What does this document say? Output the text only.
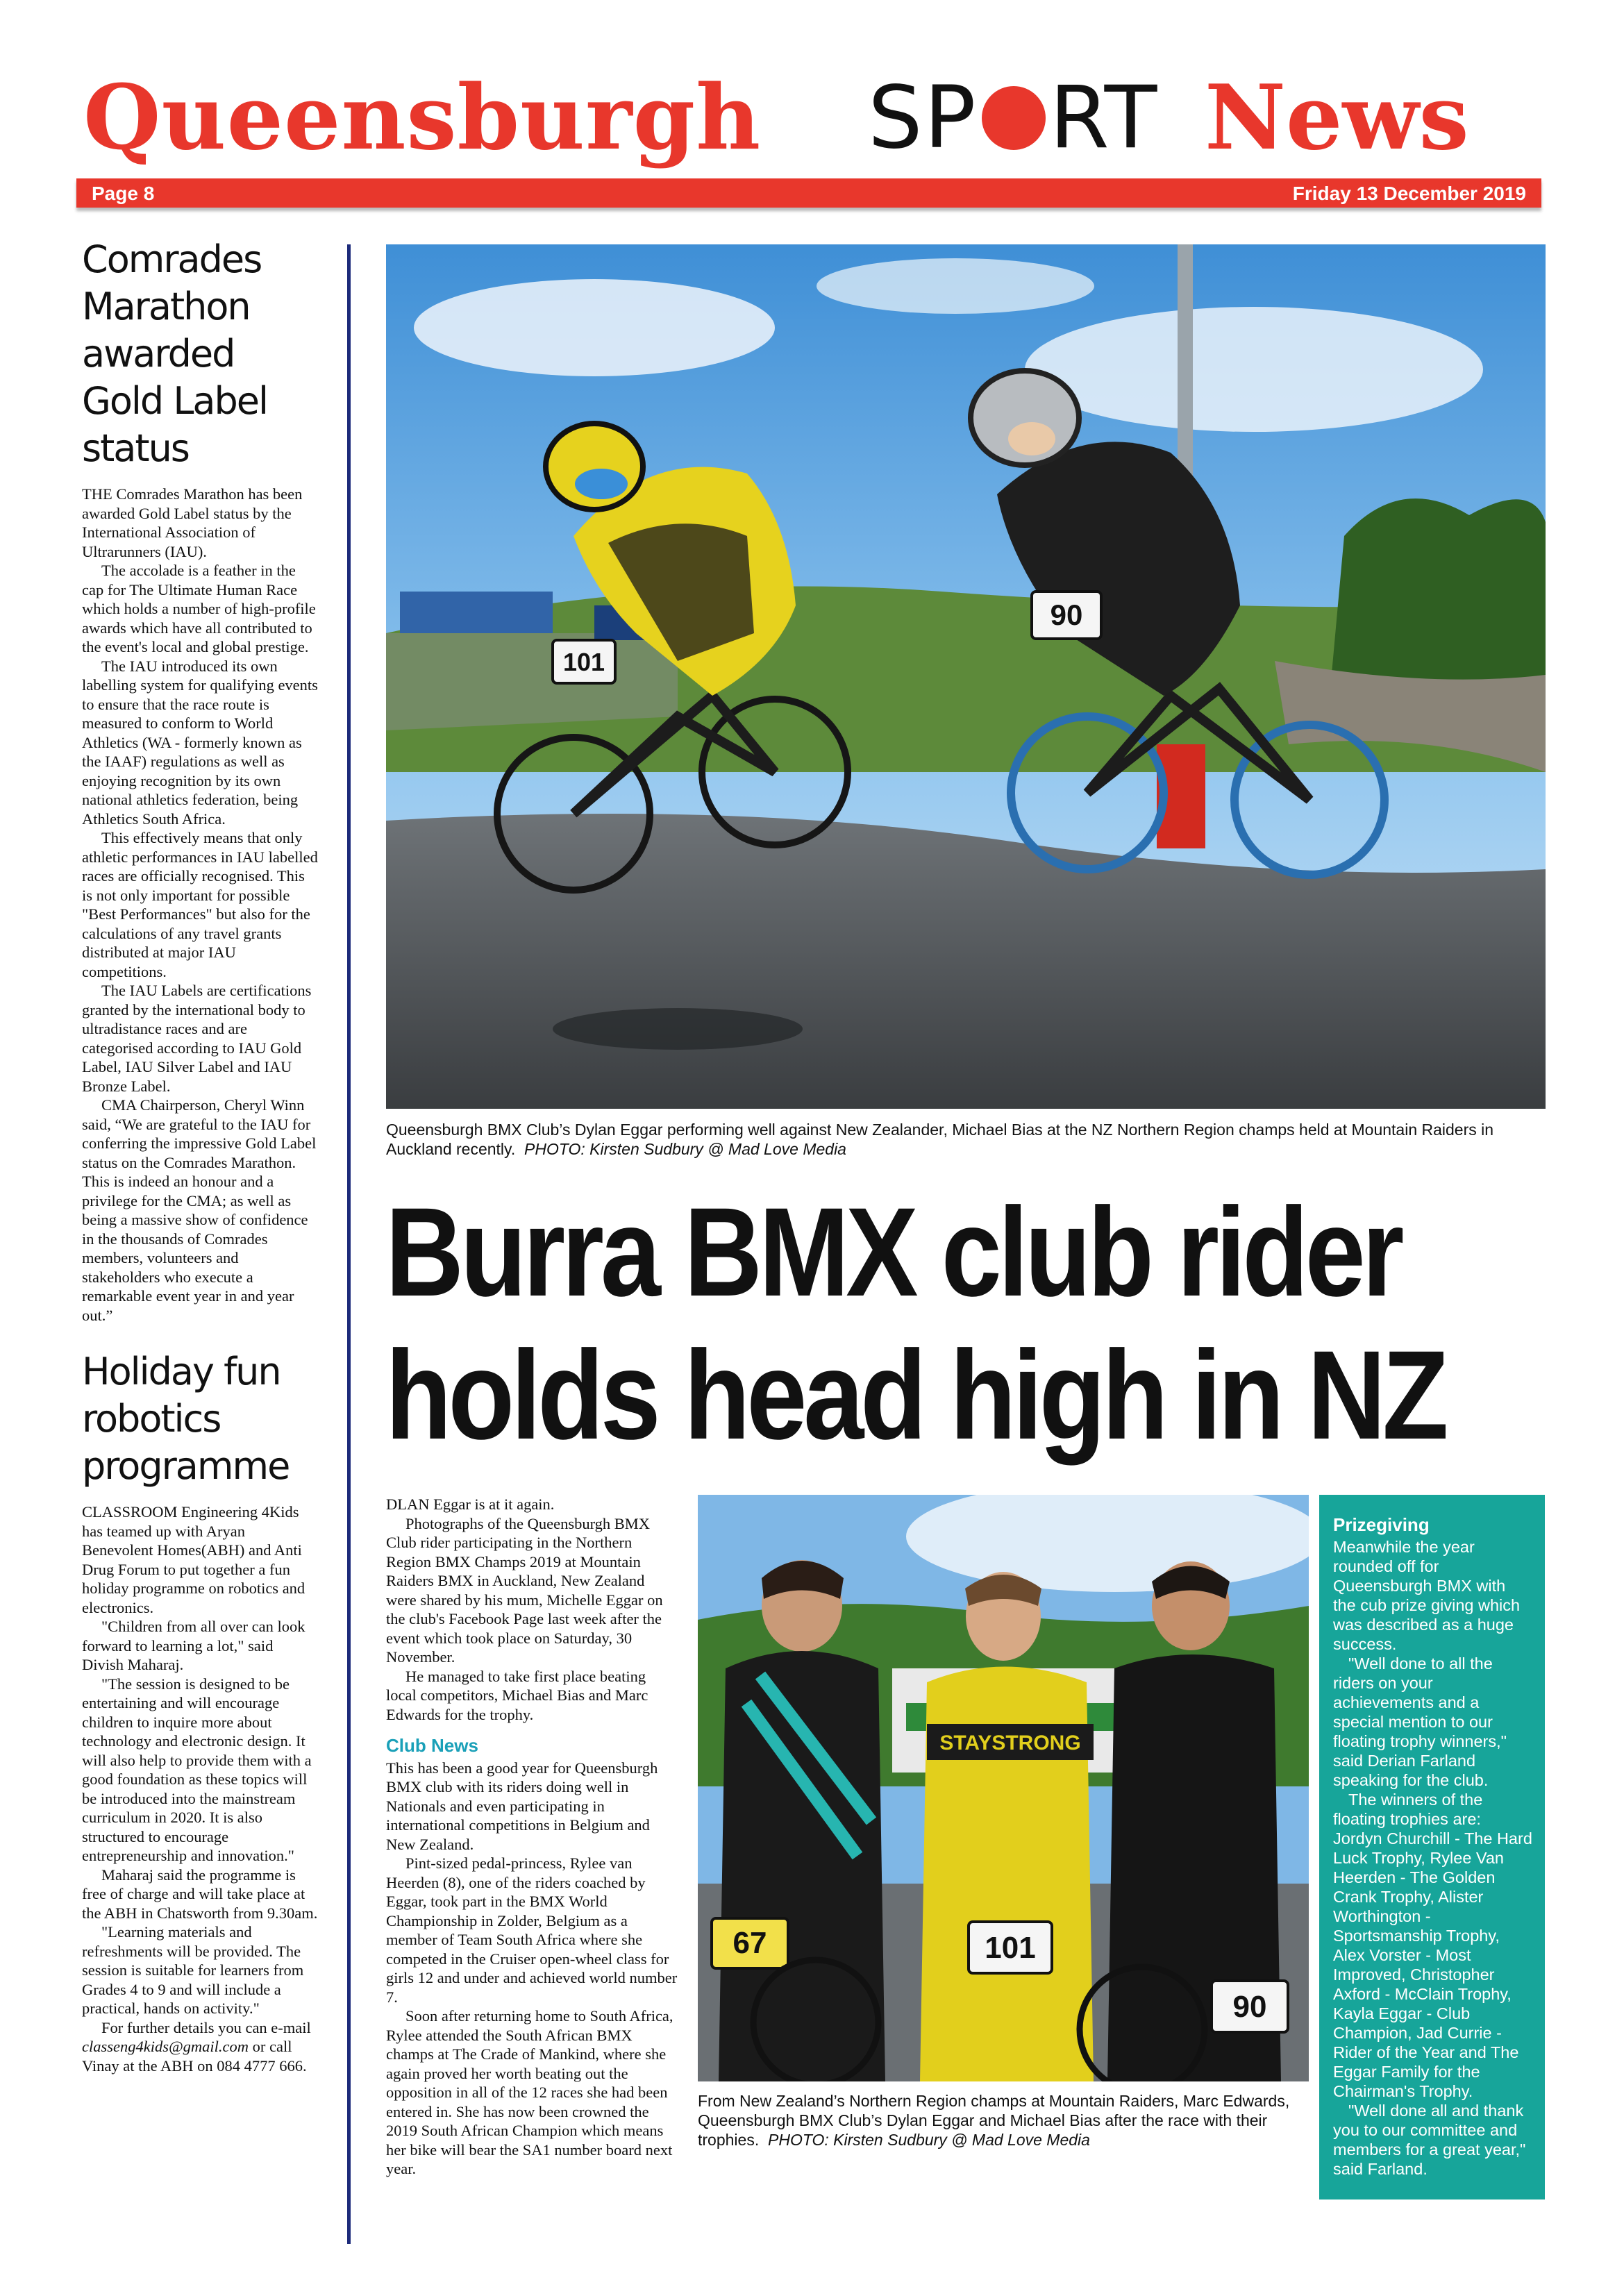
Queensburgh SP RT News
Page 8	Friday 13 December 2019
Comrades Marathon awarded Gold Label status

THE Comrades Marathon has been awarded Gold Label status by the International Association of Ultrarunners (IAU).

The accolade is a feather in the cap for The Ultimate Human Race which holds a number of high-profile awards which have all contributed to the event's local and global prestige.

The IAU introduced its own labelling system for qualifying events to ensure that the race route is measured to conform to World Athletics (WA - formerly known as the IAAF) regulations as well as enjoying recognition by its own national athletics federation, being Athletics South Africa.

This effectively means that only athletic performances in IAU labelled races are officially recognised. This is not only important for possible "Best Performances" but also for the calculations of any travel grants distributed at major IAU competitions.

The IAU Labels are certifications granted by the international body to ultradistance races and are categorised according to IAU Gold Label, IAU Silver Label and IAU Bronze Label.

CMA Chairperson, Cheryl Winn said, “We are grateful to the IAU for conferring the impressive Gold Label status on the Comrades Marathon. This is indeed an honour and a privilege for the CMA; as well as being a massive show of confidence in the thousands of Comrades members, volunteers and stakeholders who execute a remarkable event year in and year out.”

Holiday fun robotics programme

CLASSROOM Engineering 4Kids has teamed up with Aryan Benevolent Homes(ABH) and Anti Drug Forum to put together a fun holiday programme on robotics and electronics.

"Children from all over can look forward to learning a lot," said Divish Maharaj.

"The session is designed to be entertaining and will encourage children to inquire more about technology and electronic design. It will also help to provide them with a good foundation as these topics will be introduced into the mainstream curriculum in 2020. It is also structured to encourage entrepreneurship and innovation."

Maharaj said the programme is free of charge and will take place at the ABH in Chatsworth from 9.30am.

"Learning materials and refreshments will be provided. The session is suitable for learners from Grades 4 to 9 and will include a practical, hands on activity."

For further details you can e-mail classeng4kids@gmail.com or call Vinay at the ABH on 084 4777 666.

101
90
Queensburgh BMX Club’s Dylan Eggar performing well against New Zealander, Michael Bias at the NZ Northern Region champs held at Mountain Raiders in Auckland recently. PHOTO: Kirsten Sudbury @ Mad Love Media
Burra BMX club rider
holds head high in NZ

DLAN Eggar is at it again.

Photographs of the Queensburgh BMX Club rider participating in the Northern Region BMX Champs 2019 at Mountain Raiders BMX in Auckland, New Zealand were shared by his mum, Michelle Eggar on the club's Facebook Page last week after the event which took place on Saturday, 30 November.

He managed to take first place beating local competitors, Michael Bias and Marc Edwards for the trophy.

Club News

This has been a good year for Queensburgh BMX club with its riders doing well in Nationals and even participating in international competitions in Belgium and New Zealand.

Pint-sized pedal-princess, Rylee van Heerden (8), one of the riders coached by Eggar, took part in the BMX World Championship in Zolder, Belgium as a member of Team South Africa where she competed in the Cruiser open-wheel class for girls 12 and under and achieved world number 7.

Soon after returning home to South Africa, Rylee attended the South African BMX champs at The Crade of Mankind, where she again proved her worth beating out the opposition in all of the 12 races she had been entered in. She has now been crowned the 2019 South African Champion which means her bike will bear the SA1 number board next year.

STAYSTRONG
67	101
90
From New Zealand’s Northern Region champs at Mountain Raiders, Marc Edwards, Queensburgh BMX Club’s Dylan Eggar and Michael Bias after the race with their trophies. PHOTO: Kirsten Sudbury @ Mad Love Media

Prizegiving

Meanwhile the year rounded off for Queensburgh BMX with the cub prize giving which was described as a huge success.

"Well done to all the riders on your achievements and a special mention to our floating trophy winners," said Derian Farland speaking for the club.

The winners of the floating trophies are: Jordyn Churchill - The Hard Luck Trophy, Rylee Van Heerden - The Golden Crank Trophy, Alister Worthington - Sportsmanship Trophy, Alex Vorster - Most Improved, Christopher Axford - McClain Trophy, Kayla Eggar - Club Champion, Jad Currie - Rider of the Year and The Eggar Family for the Chairman's Trophy.

"Well done all and thank you to our committee and members for a great year," said Farland.
